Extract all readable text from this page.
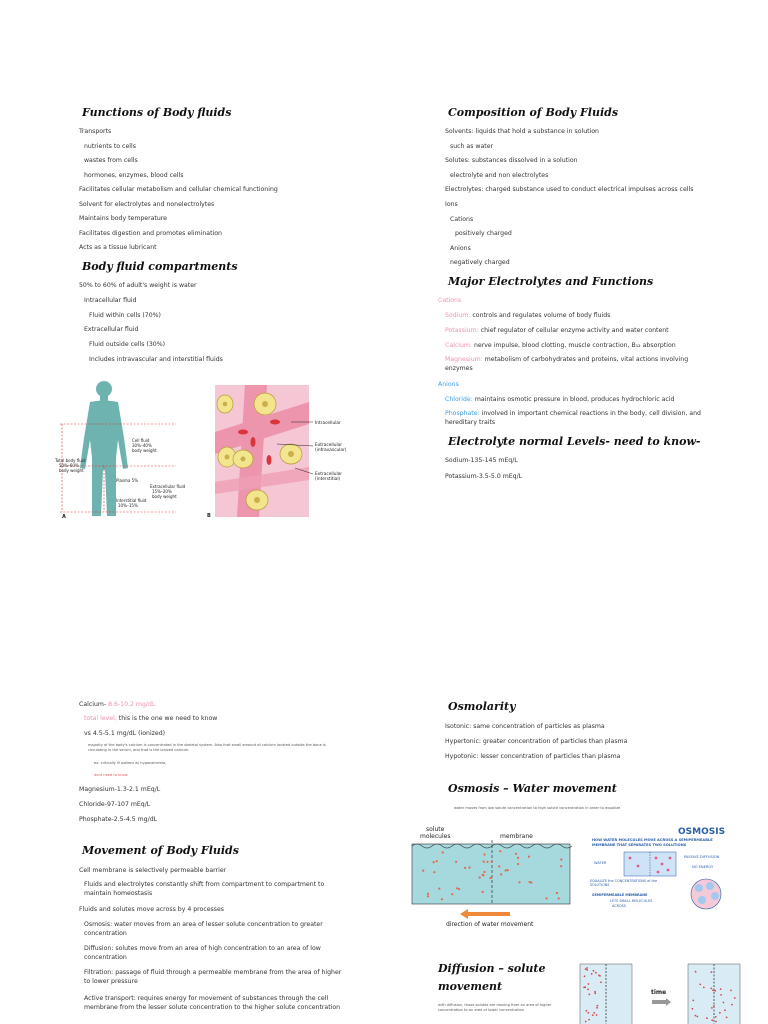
Functions of Body fluids
Transports
nutrients to cells
wastes from cells
hormones, enzymes, blood cells
Facilitates cellular metabolism and cellular chemical functioning
Solvent for electrolytes and nonelectrolytes
Maintains body temperature
Facilitates digestion and promotes elimination
Acts as a tissue lubricant
Body fluid compartments
50% to 60% of adult's weight is water
Intracellular fluid
Fluid within cells (70%)
Extracellular fluid
Fluid outside cells (30%)
Includes intravascular and interstitial fluids
Total body fluid
50%–60%
body weight
Cell fluid
30%–40%
body weight
Plasma 5%
Extracellular fluid
15%–20%
body weight
Interstitial fluid
10%–15%
A
Intracellular
Extracellular
(intravascular)
Extracellular
(interstitial)
B
Composition of Body Fluids
Solvents: liquids that hold a substance in solution
such as water
Solutes: substances dissolved in a solution
electrolyte and non electrolytes
Electrolytes: charged substance used to conduct electrical impulses across cells
Ions
Cations
positively charged
Anions
negatively charged
Major Electrolytes and Functions
Cations
Sodium: controls and regulates volume of body fluids
Potassium: chief regulator of cellular enzyme activity and water content
Calcium: nerve impulse, blood clotting, muscle contraction, B₁₂ absorption
Magnesium: metabolism of carbohydrates and proteins, vital actions involving enzymes
Anions
Chloride: maintains osmotic pressure in blood, produces hydrochloric acid
Phosphate: involved in important chemical reactions in the body, cell division, and hereditary traits
Electrolyte normal Levels- need to know-
Sodium-135-145 mEq/L
Potassium-3.5-5.0 mEq/L
Calcium- 8.6-10.2 mg/dL
total level, this is the one we need to know
vs 4.5-5.1 mg/dL (ionized)
majority of the body's calcium is concentrated in the skeletal system. Also that small amount of calcium located outside the bone is circulating in the serum, and that is the ionized calcium.
ex: critically ill patient w/ hypocalcemia,
dont need to know
Magnesium-1.3-2.1 mEq/L
Chloride-97-107 mEq/L
Phosphate-2.5-4.5 mg/dL
Movement of Body Fluids
Cell membrane is selectively permeable barrier
Fluids and electrolytes constantly shift from compartment to compartment to maintain homeostasis
Fluids and solutes move across by 4 processes
Osmosis: water moves from an area of lesser solute concentration to greater concentration
Diffusion: solutes move from an area of high concentration to an area of low concentration
Filtration: passage of fluid through a permeable membrane from the area of higher to lower pressure
Active transport: requires energy for movement of substances through the cell membrane from the lesser solute concentration to the higher solute concentration
Osmolarity
Isotonic: same concentration of particles as plasma
Hypertonic: greater concentration of particles than plasma
Hypotonic: lesser concentration of particles than plasma
Osmosis – Water movement
water moves from low solute concentration to high solute concentration in order to equalize
solute
molecules	membrane
direction of water movement
OSMOSIS
HOW WATER MOLECULES MOVE ACROSS A SEMIPERMEABLE
MEMBRANE THAT SEPARATES TWO SOLUTIONS
WATER
PASSIVE DIFFUSION
NO ENERGY
EQUALIZE the CONCENTRATIONS of the
SOLUTIONS
SEMIPERMEABLE MEMBRANE
LETS SMALL MOLECULES
ACROSS
Diffusion – solute
movement
with diffusion, those solutes are moving from an area of higher concentration to an area of lower concentration
time
